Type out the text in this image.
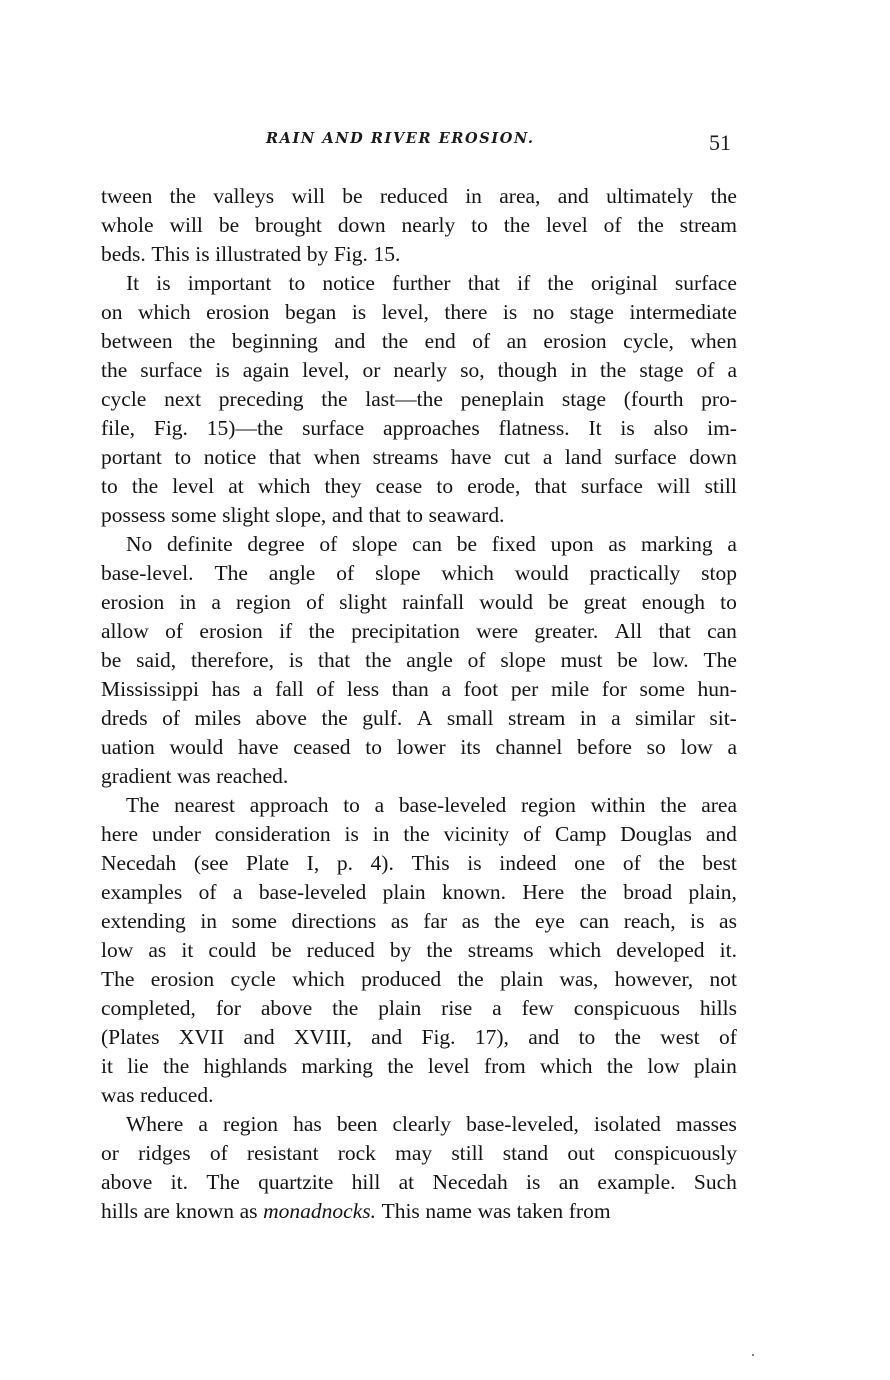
RAIN AND RIVER EROSION.	51
tween the valleys will be reduced in area, and ultimately the
whole will be brought down nearly to the level of the stream
beds. This is illustrated by Fig. 15.
It is important to notice further that if the original surface
on which erosion began is level, there is no stage intermediate
between the beginning and the end of an erosion cycle, when
the surface is again level, or nearly so, though in the stage of a
cycle next preceding the last—the peneplain stage (fourth pro-
file, Fig. 15)—the surface approaches flatness. It is also im-
portant to notice that when streams have cut a land surface down
to the level at which they cease to erode, that surface will still
possess some slight slope, and that to seaward.
No definite degree of slope can be fixed upon as marking a
base-level. The angle of slope which would practically stop
erosion in a region of slight rainfall would be great enough to
allow of erosion if the precipitation were greater. All that can
be said, therefore, is that the angle of slope must be low. The
Mississippi has a fall of less than a foot per mile for some hun-
dreds of miles above the gulf. A small stream in a similar sit-
uation would have ceased to lower its channel before so low a
gradient was reached.
The nearest approach to a base-leveled region within the area
here under consideration is in the vicinity of Camp Douglas and
Necedah (see Plate I, p. 4). This is indeed one of the best
examples of a base-leveled plain known. Here the broad plain,
extending in some directions as far as the eye can reach, is as
low as it could be reduced by the streams which developed it.
The erosion cycle which produced the plain was, however, not
completed, for above the plain rise a few conspicuous hills
(Plates XVII and XVIII, and Fig. 17), and to the west of
it lie the highlands marking the level from which the low plain
was reduced.
Where a region has been clearly base-leveled, isolated masses
or ridges of resistant rock may still stand out conspicuously
above it. The quartzite hill at Necedah is an example. Such
hills are known as monadnocks. This name was taken from
